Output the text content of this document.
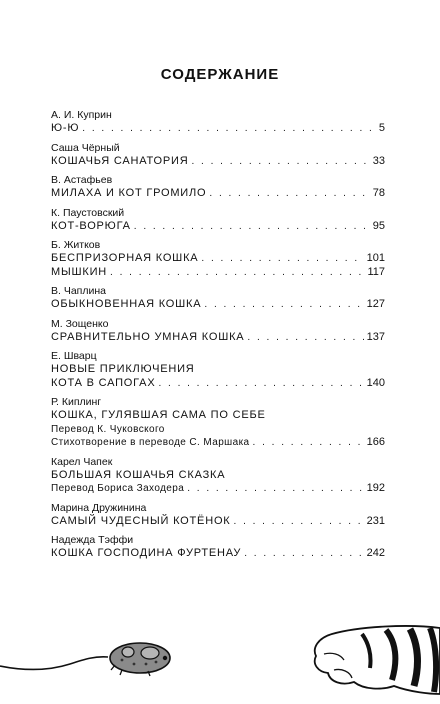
СОДЕРЖАНИЕ
А. И. Куприн
Ю-Ю . . .	5
Саша Чёрный
КОШАЧЬЯ САНАТОРИЯ . . .	33
В. Астафьев
МИЛАХА И КОТ ГРОМИЛО . . .	78
К. Паустовский
КОТ-ВОРЮГА . . .	95
Б. Житков
БЕСПРИЗОРНАЯ КОШКА . . .	101
МЫШКИН . . .	117
В. Чаплина
ОБЫКНОВЕННАЯ КОШКА . . .	127
М. Зощенко
СРАВНИТЕЛЬНО УМНАЯ КОШКА . . .	137
Е. Шварц
НОВЫЕ ПРИКЛЮЧЕНИЯ
КОТА В САПОГАХ . . .	140
Р. Киплинг
КОШКА, ГУЛЯВШАЯ САМА ПО СЕБЕ
Перевод К. Чуковского
Стихотворение в переводе С. Маршака . . .	166
Карел Чапек
БОЛЬШАЯ КОШАЧЬЯ СКАЗКА
Перевод Бориса Заходера . . .	192
Марина Дружинина
САМЫЙ ЧУДЕСНЫЙ КОТЁНОК . . .	231
Надежда Тэффи
КОШКА ГОСПОДИНА ФУРТЕНАУ . . .	242
